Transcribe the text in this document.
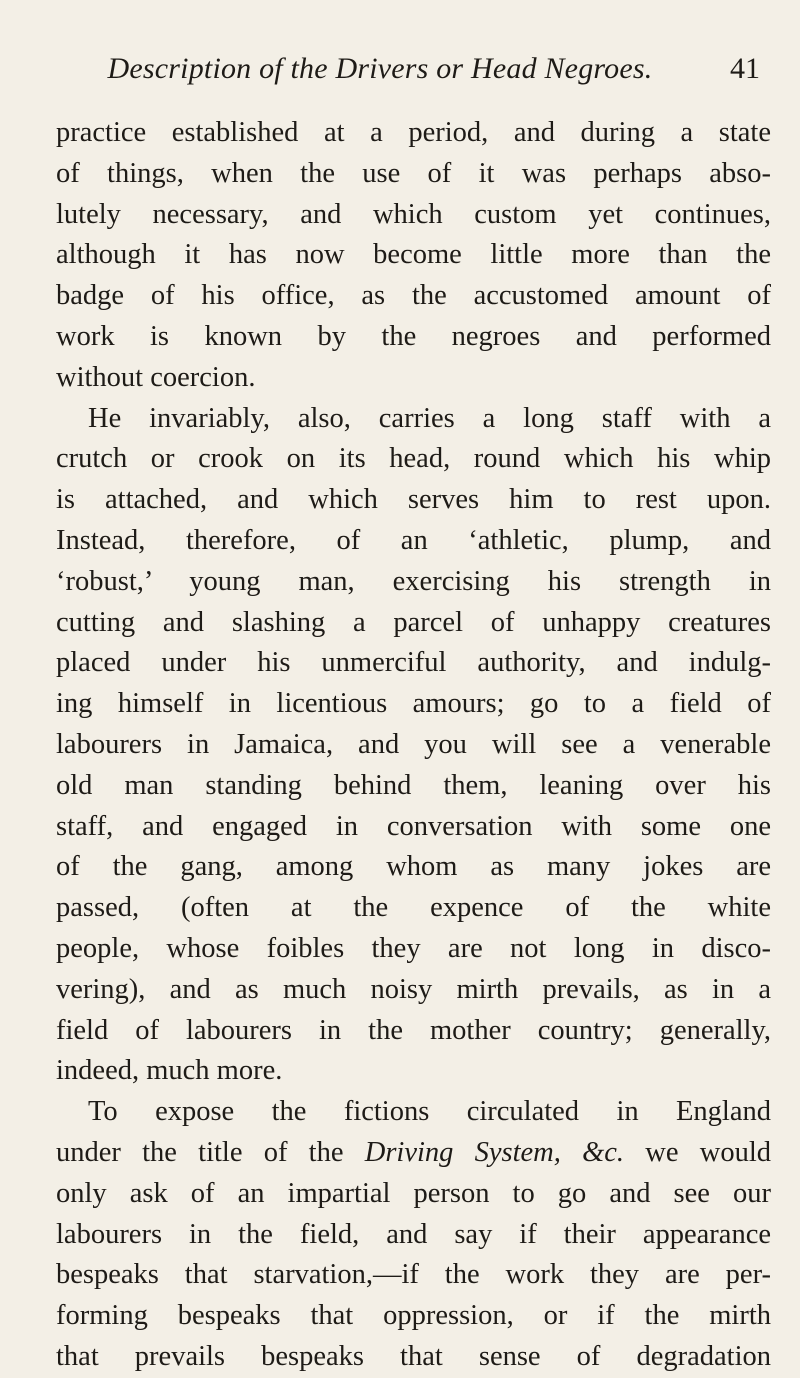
Description of the Drivers or Head Negroes.	41
practice established at a period, and during a state
of things, when the use of it was perhaps abso-
lutely necessary, and which custom yet continues,
although it has now become little more than the
badge of his office, as the accustomed amount of
work is known by the negroes and performed
without coercion.
He invariably, also, carries a long staff with a
crutch or crook on its head, round which his whip
is attached, and which serves him to rest upon.
Instead, therefore, of an ‘athletic, plump, and
‘robust,’ young man, exercising his strength in
cutting and slashing a parcel of unhappy creatures
placed under his unmerciful authority, and indulg-
ing himself in licentious amours; go to a field of
labourers in Jamaica, and you will see a venerable
old man standing behind them, leaning over his
staff, and engaged in conversation with some one
of the gang, among whom as many jokes are
passed, (often at the expence of the white
people, whose foibles they are not long in disco-
vering), and as much noisy mirth prevails, as in a
field of labourers in the mother country; generally,
indeed, much more.
To expose the fictions circulated in England
under the title of the Driving System, &c. we would
only ask of an impartial person to go and see our
labourers in the field, and say if their appearance
bespeaks that starvation,—if the work they are per-
forming bespeaks that oppression, or if the mirth
that prevails bespeaks that sense of degradation
